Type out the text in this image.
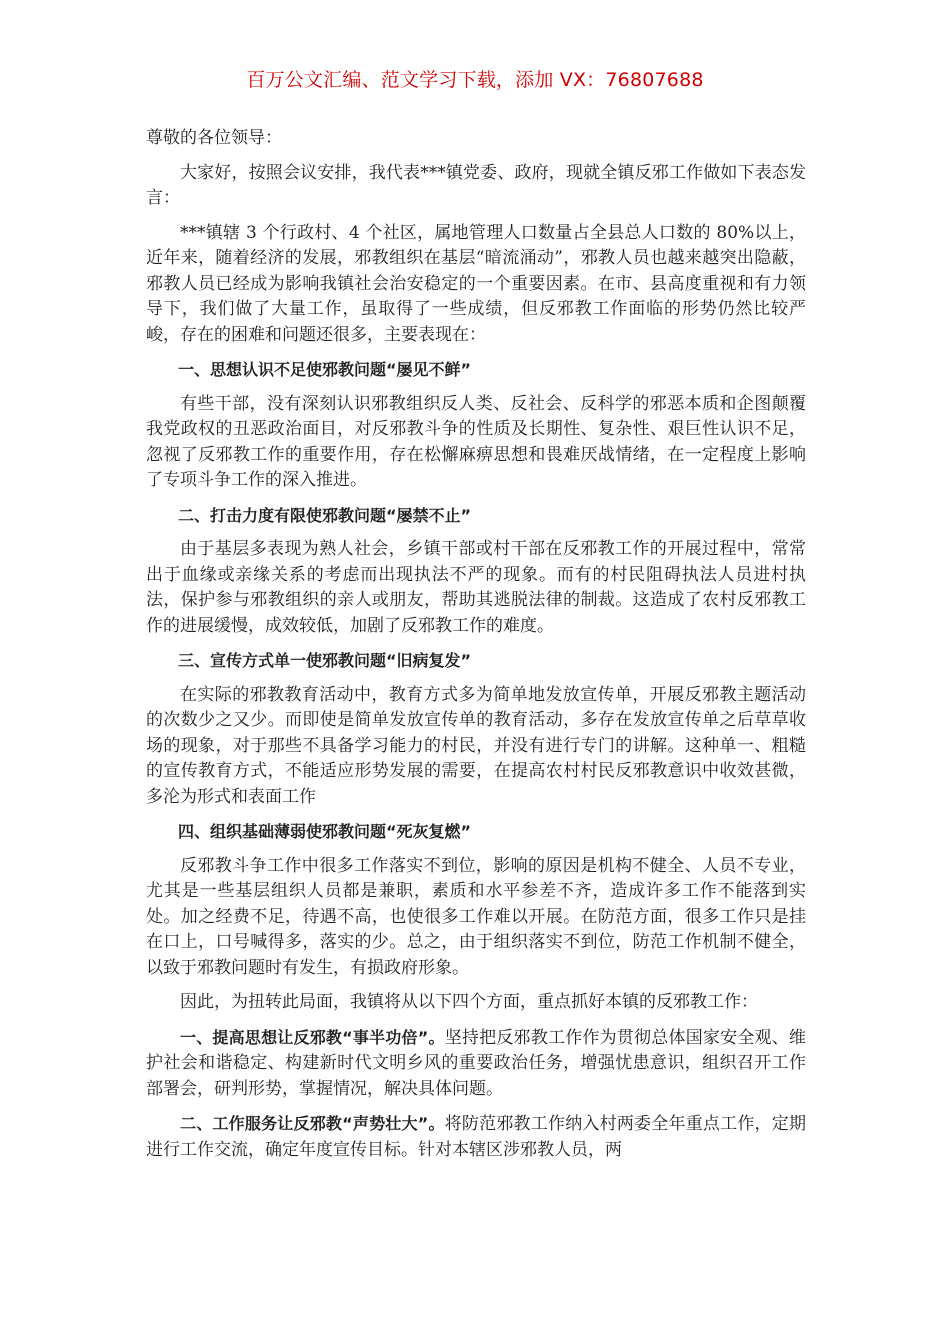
百万公文汇编、范文学习下载，添加 VX：76807688

尊敬的各位领导：

大家好，按照会议安排，我代表***镇党委、政府，现就全镇反邪工作做如下表态发言：

***镇辖 3 个行政村、4 个社区，属地管理人口数量占全县总人口数的 80%以上，近年来，随着经济的发展，邪教组织在基层“暗流涌动”，邪教人员也越来越突出隐蔽，邪教人员已经成为影响我镇社会治安稳定的一个重要因素。在市、县高度重视和有力领导下，我们做了大量工作，虽取得了一些成绩，但反邪教工作面临的形势仍然比较严峻，存在的困难和问题还很多，主要表现在：

一、思想认识不足使邪教问题“屡见不鲜”

有些干部，没有深刻认识邪教组织反人类、反社会、反科学的邪恶本质和企图颠覆我党政权的丑恶政治面目，对反邪教斗争的性质及长期性、复杂性、艰巨性认识不足，忽视了反邪教工作的重要作用，存在松懈麻痹思想和畏难厌战情绪，在一定程度上影响了专项斗争工作的深入推进。

二、打击力度有限使邪教问题“屡禁不止”

由于基层多表现为熟人社会，乡镇干部或村干部在反邪教工作的开展过程中，常常出于血缘或亲缘关系的考虑而出现执法不严的现象。而有的村民阻碍执法人员进村执法，保护参与邪教组织的亲人或朋友，帮助其逃脱法律的制裁。这造成了农村反邪教工作的进展缓慢，成效较低，加剧了反邪教工作的难度。

三、宣传方式单一使邪教问题“旧病复发”

在实际的邪教教育活动中，教育方式多为简单地发放宣传单，开展反邪教主题活动的次数少之又少。而即使是简单发放宣传单的教育活动，多存在发放宣传单之后草草收场的现象，对于那些不具备学习能力的村民，并没有进行专门的讲解。这种单一、粗糙的宣传教育方式，不能适应形势发展的需要，在提高农村村民反邪教意识中收效甚微，多沦为形式和表面工作

四、组织基础薄弱使邪教问题“死灰复燃”

反邪教斗争工作中很多工作落实不到位，影响的原因是机构不健全、人员不专业，尤其是一些基层组织人员都是兼职，素质和水平参差不齐，造成许多工作不能落到实处。加之经费不足，待遇不高，也使很多工作难以开展。在防范方面，很多工作只是挂在口上，口号喊得多，落实的少。总之，由于组织落实不到位，防范工作机制不健全，以致于邪教问题时有发生，有损政府形象。

因此，为扭转此局面，我镇将从以下四个方面，重点抓好本镇的反邪教工作：

一、提高思想让反邪教“事半功倍”。坚持把反邪教工作作为贯彻总体国家安全观、维护社会和谐稳定、构建新时代文明乡风的重要政治任务，增强忧患意识，组织召开工作部署会，研判形势，掌握情况，解决具体问题。

二、工作服务让反邪教“声势壮大”。将防范邪教工作纳入村两委全年重点工作，定期进行工作交流，确定年度宣传目标。针对本辖区涉邪教人员，两
